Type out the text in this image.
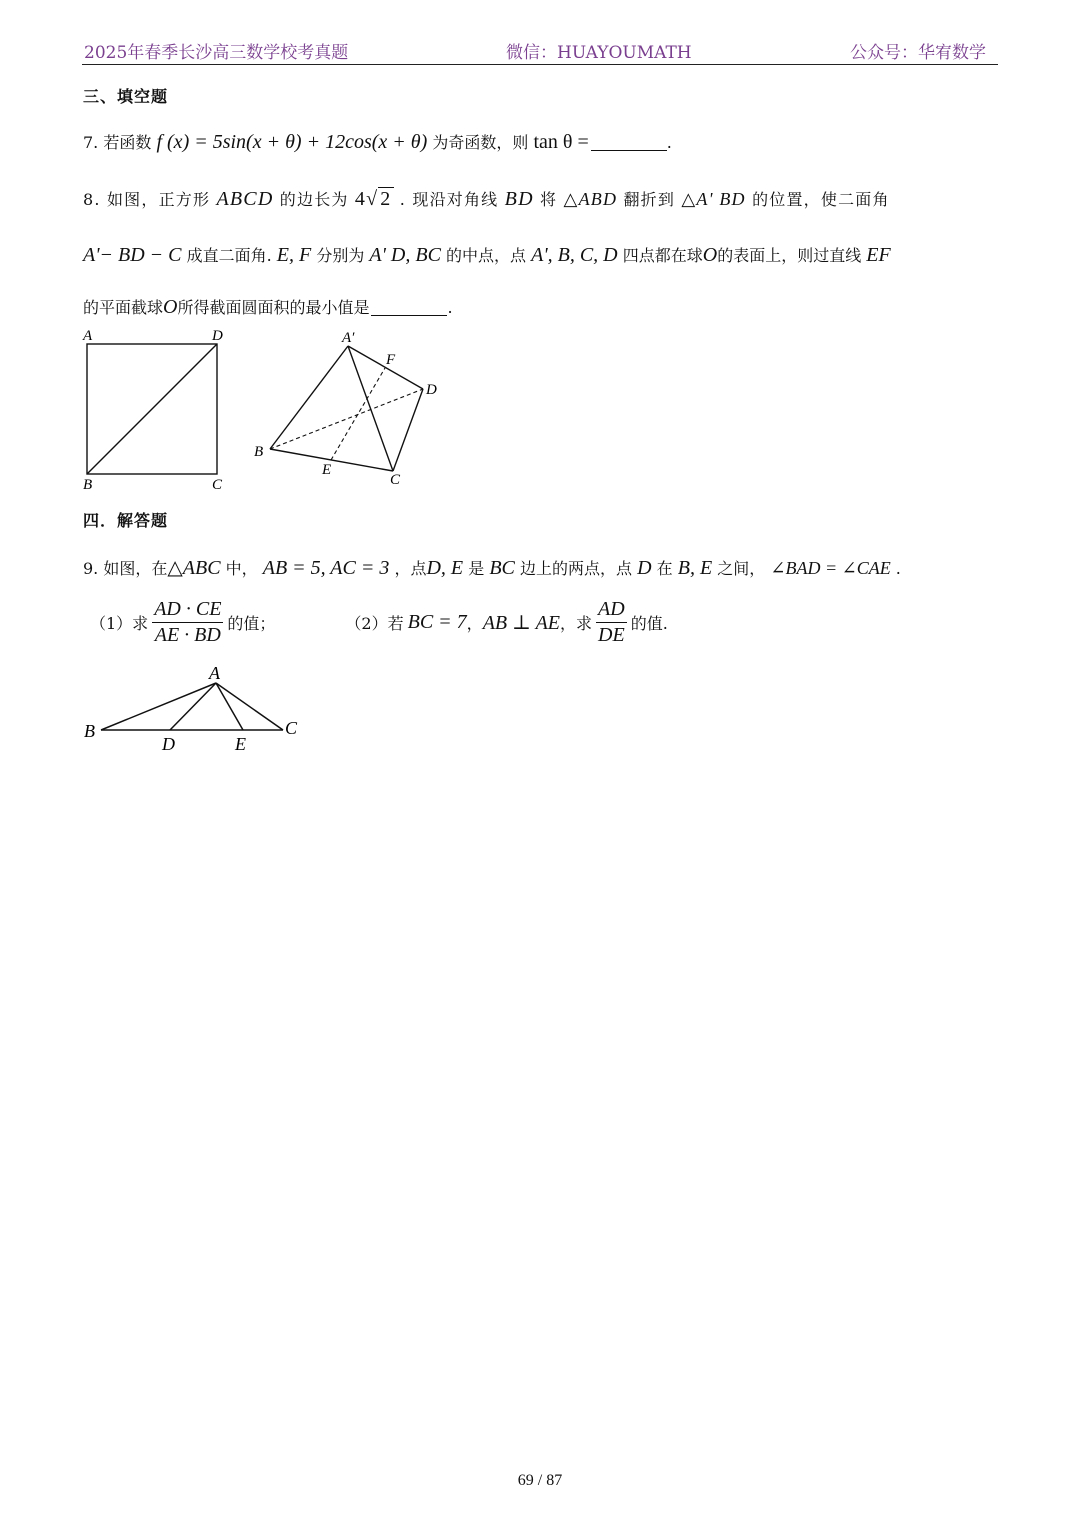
2025年春季长沙高三数学校考真题	微信：HUAYOUMATH	公众号：华宥数学
三、填空题
7. 若函数 f (x) = 5sin(x + θ) + 12cos(x + θ) 为奇函数，则 tan θ =	.
8. 如图，正方形 ABCD 的边长为 4√ 2 . 现沿对角线 BD 将 △ABD 翻折到 △A' BD 的位置，使二面角
A'− BD − C 成直二面角. E, F 分别为 A' D, BC 的中点，点 A', B, C, D 四点都在球O的表面上，则过直线 EF
的平面截球O所得截面圆面积的最小值是	.
A	D
B	C
A′
F
D
B
E
C
四．解答题
9. 如图，在△ABC 中， AB = 5, AC = 3 ，点D, E 是 BC 边上的两点，点 D 在 B, E 之间， ∠BAD = ∠CAE .
（1）求 $\frac{AD \cdot CE}{AE \cdot BD}$ 的值；	（2）若 BC = 7 ， AB ⊥ AE ，求 $\frac{AD}{DE}$ 的值.
A
B	C
D	E
69 / 87
